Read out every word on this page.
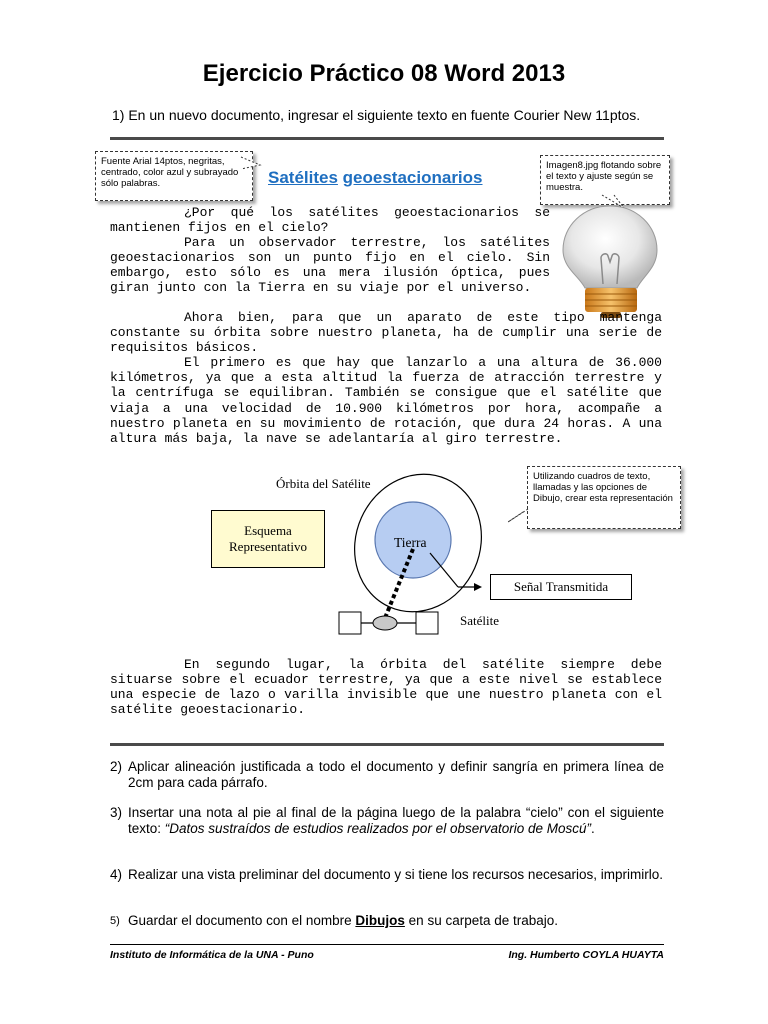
Ejercicio Práctico 08 Word 2013
1) En un nuevo documento, ingresar el siguiente texto en fuente Courier New 11ptos.
Fuente Arial 14ptos, negritas, centrado, color azul y subrayado sólo palabras.	Satélites geoestacionarios
Imagen8.jpg flotando sobre el texto y ajuste según se muestra.

¿Por qué los satélites geoestacionarios se mantienen fijos en el cielo?

Para un observador terrestre, los satélites geoestacionarios son un punto fijo en el cielo. Sin embargo, esto sólo es una mera ilusión óptica, pues giran junto con la Tierra en su viaje por el universo.

Ahora bien, para que un aparato de este tipo mantenga constante su órbita sobre nuestro planeta, ha de cumplir una serie de requisitos básicos.

El primero es que hay que lanzarlo a una altura de 36.000 kilómetros, ya que a esta altitud la fuerza de atracción terrestre y la centrífuga se equilibran. También se consigue que el satélite que viaja a una velocidad de 10.900 kilómetros por hora, acompañe a nuestro planeta en su movimiento de rotación, que dura 24 horas. A una altura más baja, la nave se adelantaría al giro terrestre.

Utilizando cuadros de texto, llamadas y las opciones de Dibujo, crear esta representación
Órbita del Satélite
Esquema Representativo	Tierra
Señal Transmitida
Satélite

En segundo lugar, la órbita del satélite siempre debe situarse sobre el ecuador terrestre, ya que a este nivel se establece una especie de lazo o varilla invisible que une nuestro planeta con el satélite geoestacionario.

2) Aplicar alineación justificada a todo el documento y definir sangría en primera línea de 2cm para cada párrafo.
3) Insertar una nota al pie al final de la página luego de la palabra “cielo” con el siguiente texto: “Datos sustraídos de estudios realizados por el observatorio de Moscú”.
4) Realizar una vista preliminar del documento y si tiene los recursos necesarios, imprimirlo.
5) Guardar el documento con el nombre Dibujos en su carpeta de trabajo.
Instituto de Informática de la UNA - Puno	Ing. Humberto COYLA HUAYTA
